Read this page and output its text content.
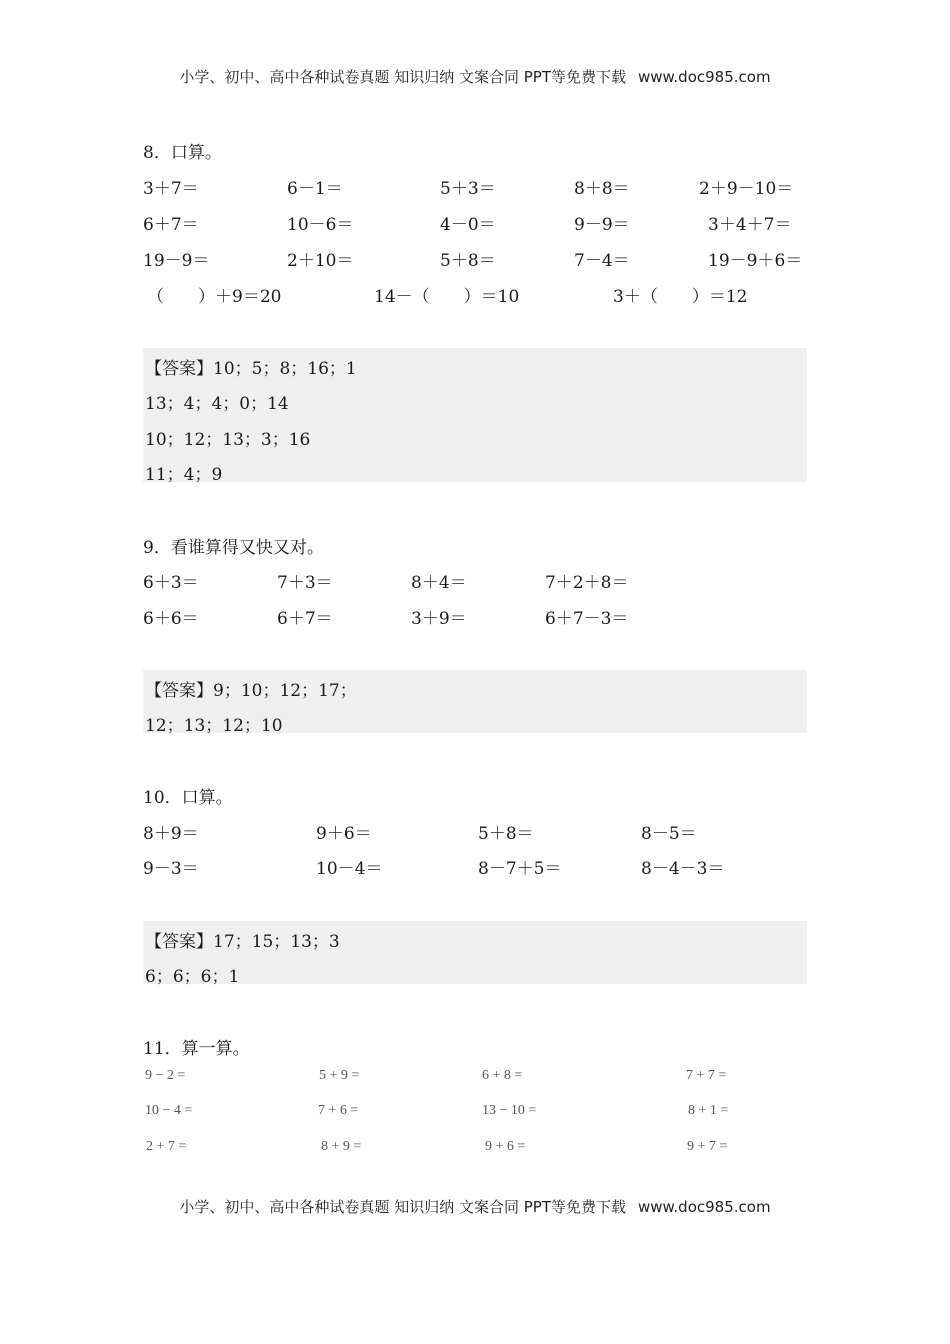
小学、初中、高中各种试卷真题 知识归纳 文案合同 PPT等免费下载 www.doc985.com
8．口算。
3＋7＝	6－1＝	5＋3＝	8＋8＝	2＋9－10＝
6＋7＝	10－6＝	4－0＝	9－9＝	3＋4＋7＝
19－9＝	2＋10＝	5＋8＝	7－4＝	19－9＋6＝
（　　）＋9＝20	14－（　　）＝10	3＋（　　）＝12
【答案】10；5；8；16；1
13；4；4；0；14
10；12；13；3；16
11；4；9
9．看谁算得又快又对。
6＋3＝	7＋3＝	8＋4＝	7＋2＋8＝
6＋6＝	6＋7＝	3＋9＝	6＋7－3＝
【答案】9；10；12；17；
12；13；12；10
10．口算。
8＋9＝	9＋6＝	5＋8＝	8－5＝
9－3＝	10－4＝	8－7＋5＝	8－4－3＝
【答案】17；15；13；3
6；6；6；1
11．算一算。
9 − 2 =	5 + 9 =	6 + 8 =	7 + 7 =
10 − 4 =	7 + 6 =	13 − 10 =	8 + 1 =
2 + 7 =	8 + 9 =	9 + 6 =	9 + 7 =
小学、初中、高中各种试卷真题 知识归纳 文案合同 PPT等免费下载 www.doc985.com
